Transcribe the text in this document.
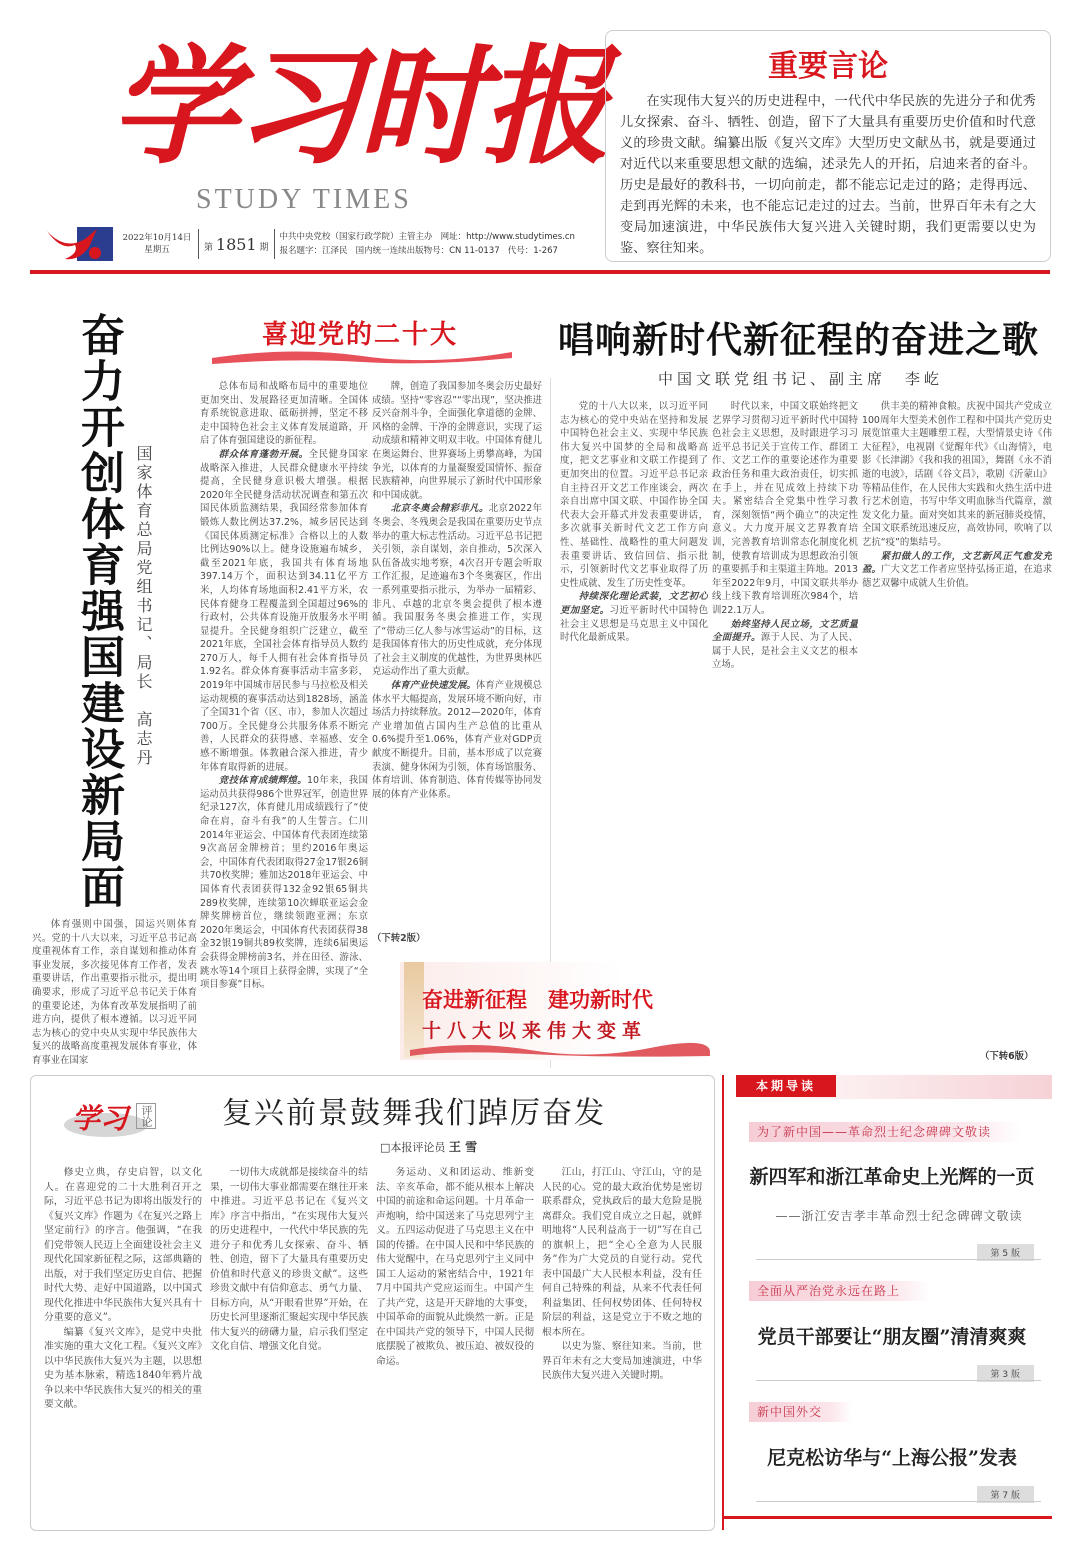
学习时报
STUDY TIMES
2022年10月14日
星期五	第 1851 期
中共中央党校（国家行政学院）主管主办 网址：http://www.studytimes.cn
报名题字：江泽民 国内统一连续出版物号：CN 11-0137 代号：1-267
重要言论
在实现伟大复兴的历史进程中，一代代中华民族的先进分子和优秀儿女探索、奋斗、牺牲、创造，留下了大量具有重要历史价值和时代意义的珍贵文献。编纂出版《复兴文库》大型历史文献丛书，就是要通过对近代以来重要思想文献的选编，述录先人的开拓，启迪来者的奋斗。历史是最好的教科书，一切向前走，都不能忘记走过的路；走得再远、走到再光辉的未来，也不能忘记走过的过去。当前，世界百年未有之大变局加速演进，中华民族伟大复兴进入关键时期，我们更需要以史为鉴、察往知来。
奋力开创体育强国建设新局面 国家体育总局党组书记、局长　高志丹
喜迎党的二十大

体育强则中国强，国运兴则体育兴。党的十八大以来，习近平总书记高度重视体育工作，亲自谋划和推动体育事业发展，多次接见体育工作者，发表重要讲话，作出重要指示批示，提出明确要求，形成了习近平总书记关于体育的重要论述，为体育改革发展指明了前进方向，提供了根本遵循。以习近平同志为核心的党中央从实现中华民族伟大复兴的战略高度重视发展体育事业，体育事业在国家

总体布局和战略布局中的重要地位更加突出、发展路径更加清晰。全国体育系统锐意进取、砥砺拼搏，坚定不移走中国特色社会主义体育发展道路，开启了体育强国建设的新征程。

群众体育蓬勃开展。全民健身国家战略深入推进，人民群众健康水平持续提高，全民健身意识极大增强。根据2020年全民健身活动状况调查和第五次国民体质监测结果，我国经常参加体育锻炼人数比例达37.2%，城乡居民达到《国民体质测定标准》合格以上的人数比例达90%以上。健身设施遍布城乡，截至2021年底，我国共有体育场地397.14万个，面积达到34.11亿平方米，人均体育场地面积2.41平方米，农民体育健身工程覆盖到全国超过96%的行政村，公共体育设施开放服务水平明显提升。全民健身组织广泛建立，截至2021年底，全国社会体育指导员人数约270万人，每千人拥有社会体育指导员1.92名。群众体育赛事活动丰富多彩，2019年中国城市居民参与马拉松及相关运动规模的赛事活动达到1828场，涵盖了全国31个省（区、市），参加人次超过700万。全民健身公共服务体系不断完善，人民群众的获得感、幸福感、安全感不断增强。体教融合深入推进，青少年体育取得新的进展。

竞技体育成绩辉煌。10年来，我国运动员共获得986个世界冠军，创造世界纪录127次，体育健儿用成绩践行了“使命在肩，奋斗有我”的人生誓言。仁川2014年亚运会、中国体育代表团连续第9次高居金牌榜首；里约2016年奥运会，中国体育代表团取得27金17银26铜共70枚奖牌；雅加达2018年亚运会、中国体育代表团获得132金92银65铜共289枚奖牌，连续第10次蝉联亚运会金牌奖牌榜首位，继续领跑亚洲；东京2020年奥运会，中国体育代表团获得38金32银19铜共89枚奖牌，连续6届奥运会获得金牌榜前3名，并在田径、游泳、跳水等14个项目上获得金牌，实现了“全项目参赛”目标。

牌，创造了我国参加冬奥会历史最好成绩。坚持“零容忍”“零出现”，坚决推进反兴奋剂斗争，全面强化拿道德的金牌、风格的金牌、干净的金牌意识，实现了运动成绩和精神文明双丰收。中国体育健儿在奥运舞台、世界赛场上勇攀高峰，为国争光，以体育的力量凝聚爱国情怀、振奋民族精神，向世界展示了新时代中国形象和中国成就。

北京冬奥会精彩非凡。北京2022年冬奥会、冬残奥会是我国在重要历史节点举办的重大标志性活动。习近平总书记把关引领，亲自谋划，亲自推动，5次深入队伍备战实地考察，4次召开专题会听取工作汇报，足迹遍布3个冬奥赛区，作出一系列重要指示批示，为举办一届精彩、非凡、卓越的北京冬奥会提供了根本遵循。我国服务冬奥会推进工作，实现了“带动三亿人参与冰雪运动”的目标，这是我国体育伟大的历史性成就，充分体现了社会主义制度的优越性，为世界奥林匹克运动作出了重大贡献。

体育产业快速发展。体育产业规模总体水平大幅提高，发展环境不断向好，市场活力持续释放。2012—2020年，体育产业增加值占国内生产总值的比重从0.6%提升至1.06%，体育产业对GDP贡献度不断提升。目前，基本形成了以竞赛表演、健身休闲为引领，体育场馆服务、体育培训、体育制造、体育传媒等协同发展的体育产业体系。

（下转2版）
唱响新时代新征程的奋进之歌
中国文联党组书记、副主席　李屹

党的十八大以来，以习近平同志为核心的党中央站在坚持和发展中国特色社会主义、实现中华民族伟大复兴中国梦的全局和战略高度，把文艺事业和文联工作提到了更加突出的位置。习近平总书记亲自主持召开文艺工作座谈会，两次亲自出席中国文联、中国作协全国代表大会开幕式并发表重要讲话，多次就事关新时代文艺工作方向性、基础性、战略性的重大问题发表重要讲话、致信回信、指示批示，引领新时代文艺事业取得了历史性成就、发生了历史性变革。

持续深化理论武装，文艺初心更加坚定。习近平新时代中国特色社会主义思想是马克思主义中国化时代化最新成果。

时代以来，中国文联始终把文艺界学习贯彻习近平新时代中国特色社会主义思想，及时跟进学习习近平总书记关于宣传工作、群团工作、文艺工作的重要论述作为重要政治任务和重大政治责任，切实抓在手上，并在见成效上持续下功夫。紧密结合全党集中性学习教育，深刻领悟“两个确立”的决定性意义。大力度开展文艺界教育培训，完善教育培训常态化制度化机制，使教育培训成为思想政治引领的重要抓手和主渠道主阵地。2013年至2022年9月，中国文联共举办线上线下教育培训班次984个，培训22.1万人。

始终坚持人民立场，文艺质量全面提升。源于人民、为了人民、属于人民，是社会主义文艺的根本立场。

供丰美的精神食粮。庆祝中国共产党成立100周年大型美术创作工程和中国共产党历史展览馆重大主题雕塑工程，大型情景史诗《伟大征程》，电视剧《觉醒年代》《山海情》，电影《长津湖》《我和我的祖国》，舞剧《永不消逝的电波》，话剧《谷文昌》，歌剧《沂蒙山》等精品佳作，在人民伟大实践和火热生活中进行艺术创造，书写中华文明血脉当代篇章，激发文化力量。面对突如其来的新冠肺炎疫情，全国文联系统迅速反应，高效协同，吹响了以艺抗“疫”的集结号。

紧扣做人的工作，文艺新风正气愈发充盈。广大文艺工作者应坚持弘扬正道，在追求德艺双馨中成就人生价值。

（下转6版）
奋进新征程　建功新时代
十八大以来伟大变革
学习	评论 复兴前景鼓舞我们踔厉奋发
□本报评论员 王 雪

修史立典，存史启智，以文化人。在喜迎党的二十大胜利召开之际，习近平总书记为即将出版发行的《复兴文库》作题为《在复兴之路上坚定前行》的序言。他强调，“在我们党带领人民迈上全面建设社会主义现代化国家新征程之际，这部典籍的出版，对于我们坚定历史自信、把握时代大势、走好中国道路，以中国式现代化推进中华民族伟大复兴具有十分重要的意义”。

编纂《复兴文库》，是党中央批准实施的重大文化工程。《复兴文库》以中华民族伟大复兴为主题，以思想史为基本脉索，精选1840年鸦片战争以来中华民族伟大复兴的相关的重要文献。

一切伟大成就都是接续奋斗的结果，一切伟大事业都需要在继往开来中推进。习近平总书记在《复兴文库》序言中指出，“在实现伟大复兴的历史进程中，一代代中华民族的先进分子和优秀儿女探索、奋斗、牺牲、创造，留下了大量具有重要历史价值和时代意义的珍贵文献”。这些珍贵文献中有信仰意志、勇气力量、目标方向，从“开眼看世界”开始，在历史长河里逐渐汇聚起实现中华民族伟大复兴的磅礴力量，启示我们坚定文化自信、增强文化自觉。

务运动、义和团运动、维新变法、辛亥革命，都不能从根本上解决中国的前途和命运问题。十月革命一声炮响，给中国送来了马克思列宁主义。五四运动促进了马克思主义在中国的传播。在中国人民和中华民族的伟大觉醒中，在马克思列宁主义同中国工人运动的紧密结合中，1921年7月中国共产党应运而生。中国产生了共产党，这是开天辟地的大事变，中国革命的面貌从此焕然一新。正是在中国共产党的领导下，中国人民彻底摆脱了被欺负、被压迫、被奴役的命运。

江山，打江山、守江山，守的是人民的心。党的最大政治优势是密切联系群众，党执政后的最大危险是脱离群众。我们党自成立之日起，就鲜明地将“人民利益高于一切”写在自己的旗帜上，把“全心全意为人民服务”作为广大党员的自觉行动。党代表中国最广大人民根本利益，没有任何自己特殊的利益，从来不代表任何利益集团、任何权势团体、任何特权阶层的利益，这是党立于不败之地的根本所在。

以史为鉴、察往知来。当前，世界百年未有之大变局加速演进，中华民族伟大复兴进入关键时期。

本期导读
为了新中国——革命烈士纪念碑碑文敬读
新四军和浙江革命史上光辉的一页
——浙江安吉孝丰革命烈士纪念碑碑文敬读
第 5 版
全面从严治党永远在路上
党员干部要让“朋友圈”清清爽爽
第 3 版
新中国外交
尼克松访华与“上海公报”发表
第 7 版
